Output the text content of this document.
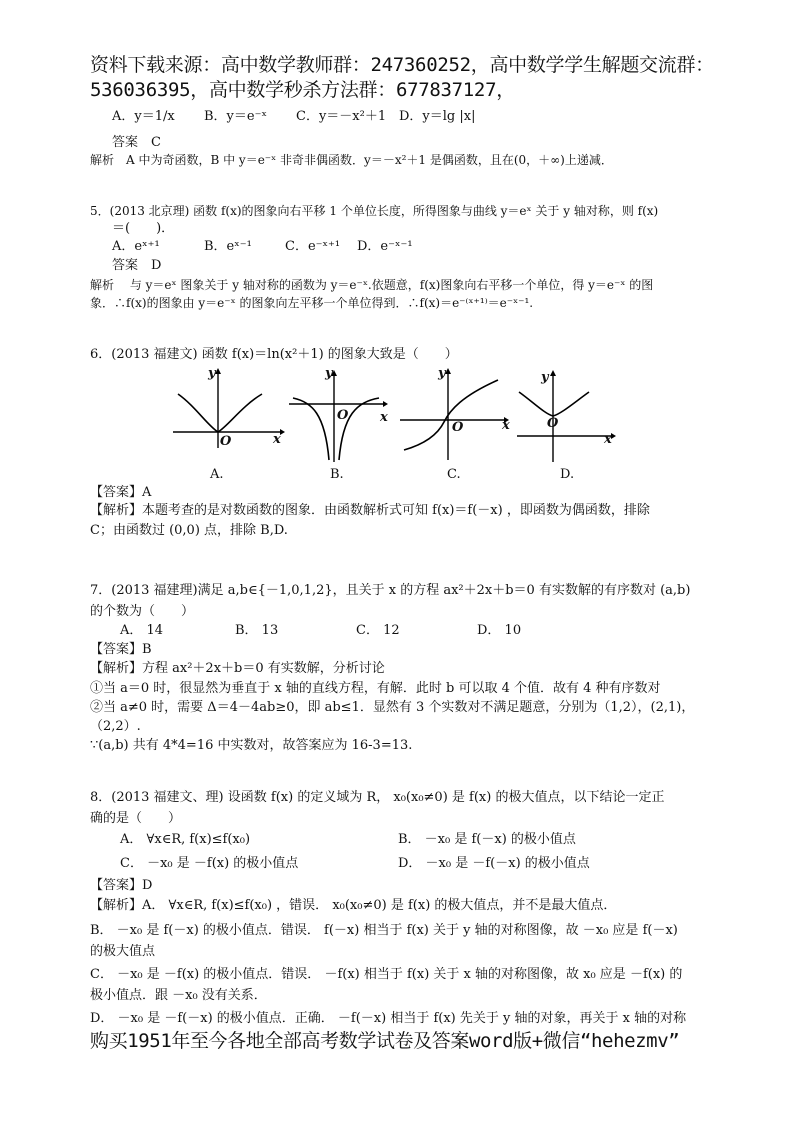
资料下载来源：高中数学教师群：247360252，高中数学学生解题交流群：
536036395，高中数学秒杀方法群：677837127，
A．y＝1/x B．y＝e⁻ˣ C．y＝－x²＋1 D．y＝lg |x|
答案　C
解析　A 中为奇函数，B 中 y＝e⁻ˣ 非奇非偶函数．y＝－x²＋1 是偶函数，且在(0，＋∞)上递减．
5．(2013 北京理) 函数 f(x)的图象向右平移 1 个单位长度，所得图象与曲线 y＝eˣ 关于 y 轴对称，则 f(x)
＝(　　)．
A．eˣ⁺¹	B．eˣ⁻¹	C．e⁻ˣ⁺¹ D．e⁻ˣ⁻¹
答案　D
解析　 与 y＝eˣ 图象关于 y 轴对称的函数为 y＝e⁻ˣ.依题意，f(x)图象向右平移一个单位，得 y＝e⁻ˣ 的图
象．∴f(x)的图象由 y＝e⁻ˣ 的图象向左平移一个单位得到．∴f(x)＝e⁻⁽ˣ⁺¹⁾＝e⁻ˣ⁻¹.
6．(2013 福建文) 函数 f(x)＝ln(x²＋1) 的图象大致是（　　）
y
x
O
y
x
O
y
x
O
y
x
O
A.	B.	C.	D.
【答案】A
【解析】本题考查的是对数函数的图象．由函数解析式可知 f(x)＝f(－x) ，即函数为偶函数，排除
C；由函数过 (0,0) 点，排除 B,D.
7．(2013 福建理)满足 a,b∈{－1,0,1,2}，且关于 x 的方程 ax²＋2x＋b＝0 有实数解的有序数对 (a,b)
的个数为（　　）
A． 14	B． 13	C． 12	D． 10
【答案】B
【解析】方程 ax²＋2x＋b＝0 有实数解，分析讨论
①当 a＝0 时，很显然为垂直于 x 轴的直线方程，有解．此时 b 可以取 4 个值．故有 4 种有序数对
②当 a≠0 时，需要 Δ＝4－4ab≥0，即 ab≤1．显然有 3 个实数对不满足题意，分别为（1,2），(2,1)，
（2,2）.
∵(a,b) 共有 4*4=16 中实数对，故答案应为 16-3=13.
8．(2013 福建文、理) 设函数 f(x) 的定义域为 R， x₀(x₀≠0) 是 f(x) 的极大值点，以下结论一定正
确的是（　　）
A． ∀x∈R, f(x)≤f(x₀)	B． －x₀ 是 f(－x) 的极小值点
C． －x₀ 是 －f(x) 的极小值点	D． －x₀ 是 －f(－x) 的极小值点
【答案】D
【解析】A． ∀x∈R, f(x)≤f(x₀) ，错误． x₀(x₀≠0) 是 f(x) 的极大值点，并不是最大值点．
B． －x₀ 是 f(－x) 的极小值点．错误． f(－x) 相当于 f(x) 关于 y 轴的对称图像，故 －x₀ 应是 f(－x)
的极大值点
C． －x₀ 是 －f(x) 的极小值点．错误． －f(x) 相当于 f(x) 关于 x 轴的对称图像，故 x₀ 应是 －f(x) 的
极小值点．跟 －x₀ 没有关系．
D． －x₀ 是 －f(－x) 的极小值点．正确． －f(－x) 相当于 f(x) 先关于 y 轴的对象，再关于 x 轴的对称
购买1951年至今各地全部高考数学试卷及答案word版+微信“hehezmv”
